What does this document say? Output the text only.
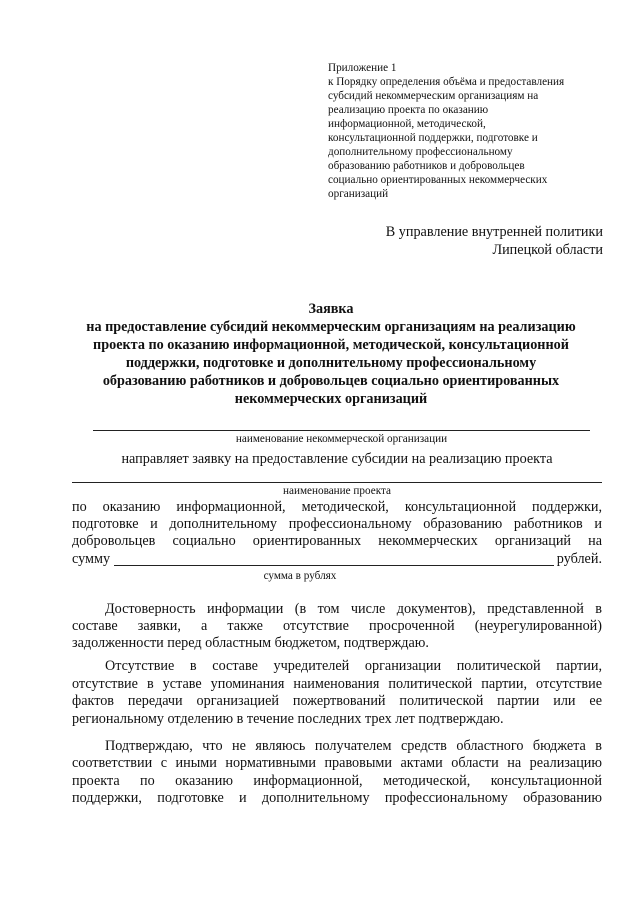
Приложение 1
к Порядку определения объёма и предоставления
субсидий некоммерческим организациям на
реализацию проекта по оказанию
информационной, методической,
консультационной поддержки, подготовке и
дополнительному профессиональному
образованию работников и добровольцев
социально ориентированных некоммерческих
организаций
В управление внутренней политики
Липецкой области
Заявка
на предоставление субсидий некоммерческим организациям на реализацию
проекта по оказанию информационной, методической, консультационной
поддержки, подготовке и дополнительному профессиональному
образованию работников и добровольцев социально ориентированных
некоммерческих организаций
наименование некоммерческой организации
направляет заявку на предоставление субсидии на реализацию проекта
наименование проекта
по оказанию информационной, методической, консультационной поддержки,
подготовке и дополнительному профессиональному образованию работников и
добровольцев социально ориентированных некоммерческих организаций на
сумму	рублей.
сумма в рублях
Достоверность информации (в том числе документов), представленной в
составе заявки, а также отсутствие просроченной (неурегулированной)
задолженности перед областным бюджетом, подтверждаю.
Отсутствие в составе учредителей организации политической партии,
отсутствие в уставе упоминания наименования политической партии, отсутствие
фактов передачи организацией пожертвований политической партии или ее
региональному отделению в течение последних трех лет подтверждаю.
Подтверждаю, что не являюсь получателем средств областного бюджета в
соответствии с иными нормативными правовыми актами области на реализацию
проекта по оказанию информационной, методической, консультационной
поддержки, подготовке и дополнительному профессиональному образованию
